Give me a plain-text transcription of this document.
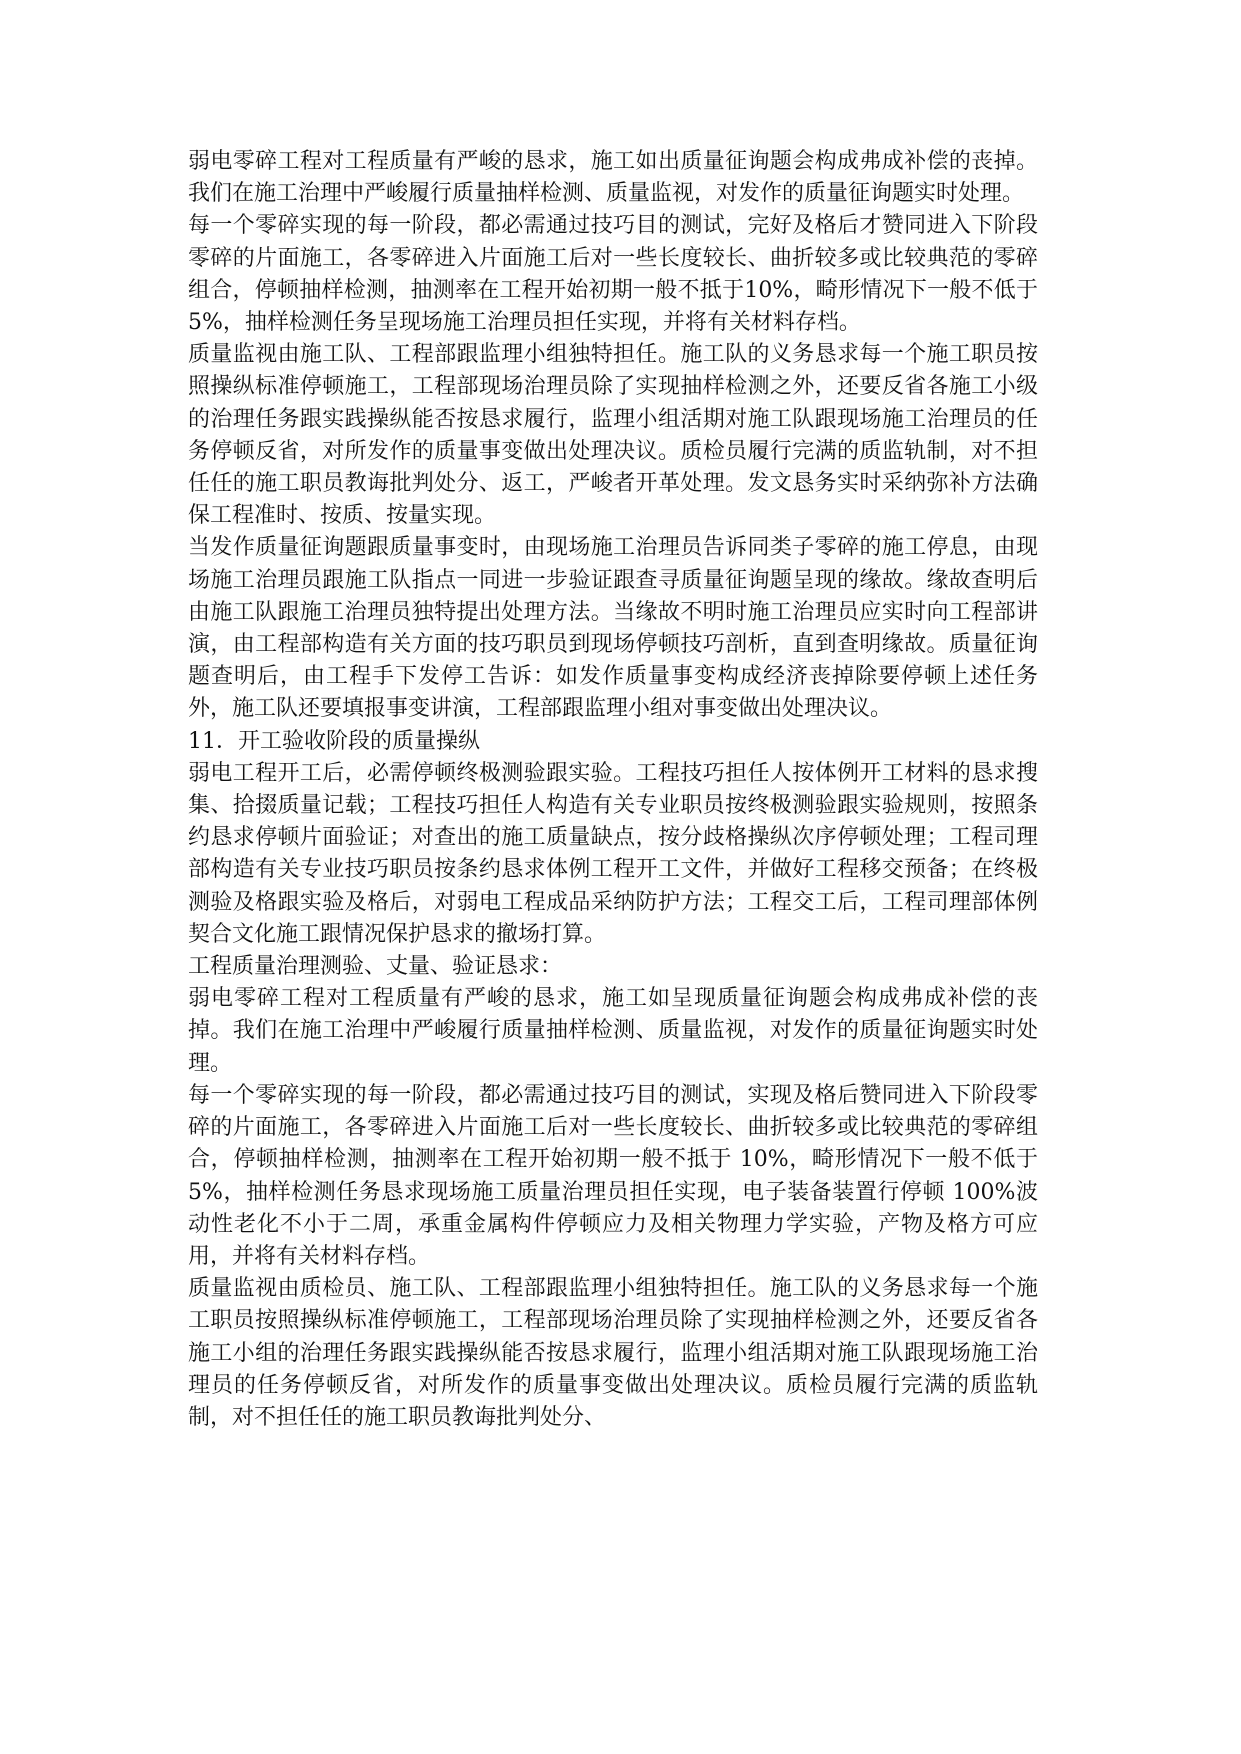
弱电零碎工程对工程质量有严峻的恳求，施工如出质量征询题会构成弗成补偿的丧掉。我们在施工治理中严峻履行质量抽样检测、质量监视，对发作的质量征询题实时处理。

每一个零碎实现的每一阶段，都必需通过技巧目的测试，完好及格后才赞同进入下阶段零碎的片面施工，各零碎进入片面施工后对一些长度较长、曲折较多或比较典范的零碎组合，停顿抽样检测，抽测率在工程开始初期一般不抵于10%，畸形情况下一般不低于5%，抽样检测任务呈现场施工治理员担任实现，并将有关材料存档。

质量监视由施工队、工程部跟监理小组独特担任。施工队的义务恳求每一个施工职员按照操纵标准停顿施工，工程部现场治理员除了实现抽样检测之外，还要反省各施工小级的治理任务跟实践操纵能否按恳求履行，监理小组活期对施工队跟现场施工治理员的任务停顿反省，对所发作的质量事变做出处理决议。质检员履行完满的质监轨制，对不担任任的施工职员教诲批判处分、返工，严峻者开革处理。发文恳务实时采纳弥补方法确保工程准时、按质、按量实现。

当发作质量征询题跟质量事变时，由现场施工治理员告诉同类子零碎的施工停息，由现场施工治理员跟施工队指点一同进一步验证跟查寻质量征询题呈现的缘故。缘故查明后由施工队跟施工治理员独特提出处理方法。当缘故不明时施工治理员应实时向工程部讲演，由工程部构造有关方面的技巧职员到现场停顿技巧剖析，直到查明缘故。质量征询题查明后，由工程手下发停工告诉：如发作质量事变构成经济丧掉除要停顿上述任务外，施工队还要填报事变讲演，工程部跟监理小组对事变做出处理决议。

11．开工验收阶段的质量操纵

弱电工程开工后，必需停顿终极测验跟实验。工程技巧担任人按体例开工材料的恳求搜集、拾掇质量记载；工程技巧担任人构造有关专业职员按终极测验跟实验规则，按照条约恳求停顿片面验证；对查出的施工质量缺点，按分歧格操纵次序停顿处理；工程司理部构造有关专业技巧职员按条约恳求体例工程开工文件，并做好工程移交预备；在终极测验及格跟实验及格后，对弱电工程成品采纳防护方法；工程交工后，工程司理部体例契合文化施工跟情况保护恳求的撤场打算。

工程质量治理测验、丈量、验证恳求：

弱电零碎工程对工程质量有严峻的恳求，施工如呈现质量征询题会构成弗成补偿的丧掉。我们在施工治理中严峻履行质量抽样检测、质量监视，对发作的质量征询题实时处理。

每一个零碎实现的每一阶段，都必需通过技巧目的测试，实现及格后赞同进入下阶段零碎的片面施工，各零碎进入片面施工后对一些长度较长、曲折较多或比较典范的零碎组合，停顿抽样检测，抽测率在工程开始初期一般不抵于 10%，畸形情况下一般不低于 5%，抽样检测任务恳求现场施工质量治理员担任实现，电子装备装置行停顿 100%波动性老化不小于二周，承重金属构件停顿应力及相关物理力学实验，产物及格方可应用，并将有关材料存档。

质量监视由质检员、施工队、工程部跟监理小组独特担任。施工队的义务恳求每一个施工职员按照操纵标准停顿施工，工程部现场治理员除了实现抽样检测之外，还要反省各施工小组的治理任务跟实践操纵能否按恳求履行，监理小组活期对施工队跟现场施工治理员的任务停顿反省，对所发作的质量事变做出处理决议。质检员履行完满的质监轨制，对不担任任的施工职员教诲批判处分、
